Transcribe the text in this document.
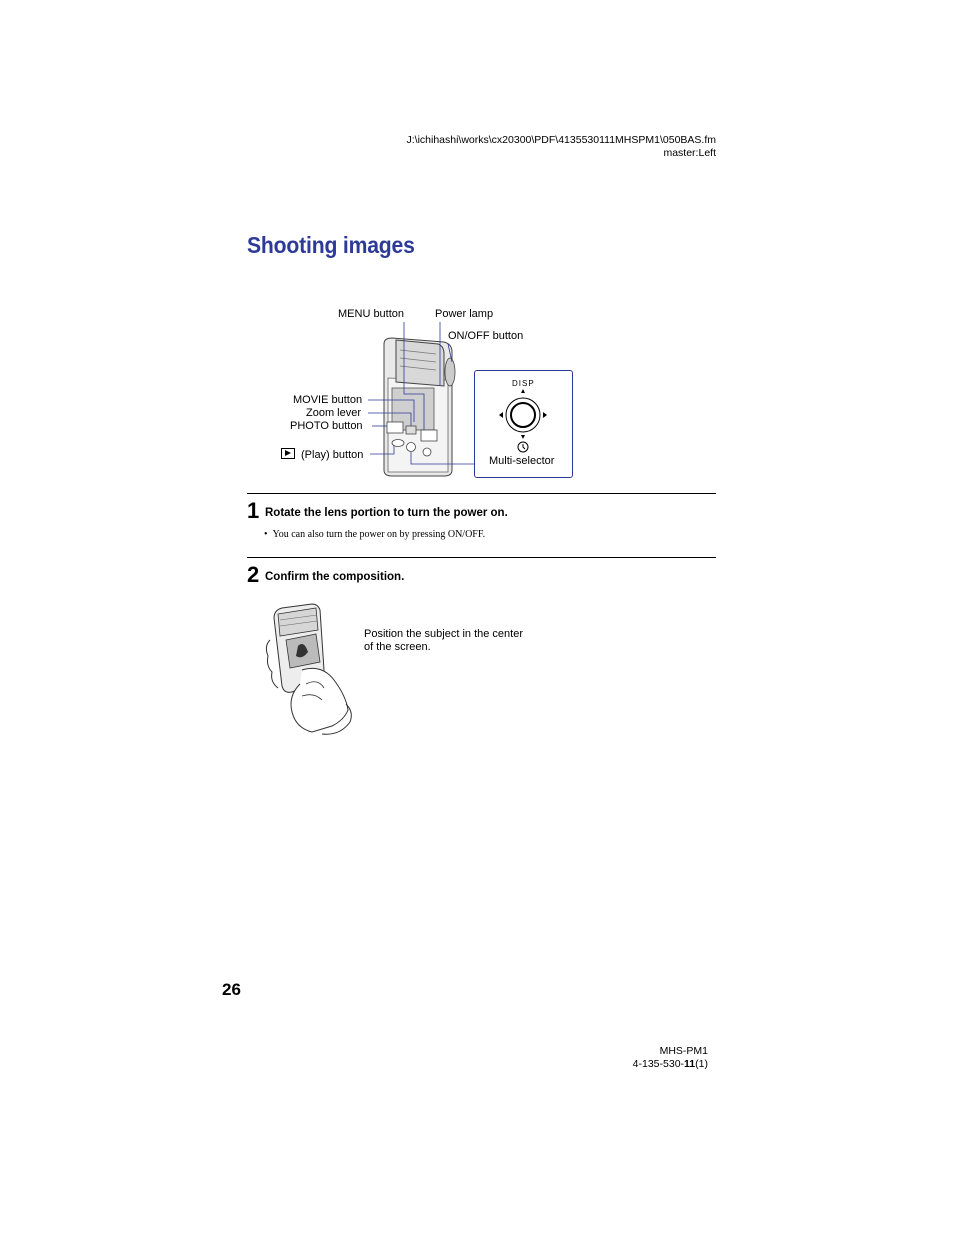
J:\ichihashi\works\cx20300\PDF\4135530111MHSPM1\050BAS.fm
master:Left
Shooting images
MENU button	Power lamp
ON/OFF button
MOVIE button
Zoom lever
PHOTO button
(Play) button
DISP
Multi-selector
1 Rotate the lens portion to turn the power on.
•  You can also turn the power on by pressing ON/OFF.
2 Confirm the composition.
Position the subject in the center
of the screen.
26
MHS-PM1
4-135-530-11(1)
